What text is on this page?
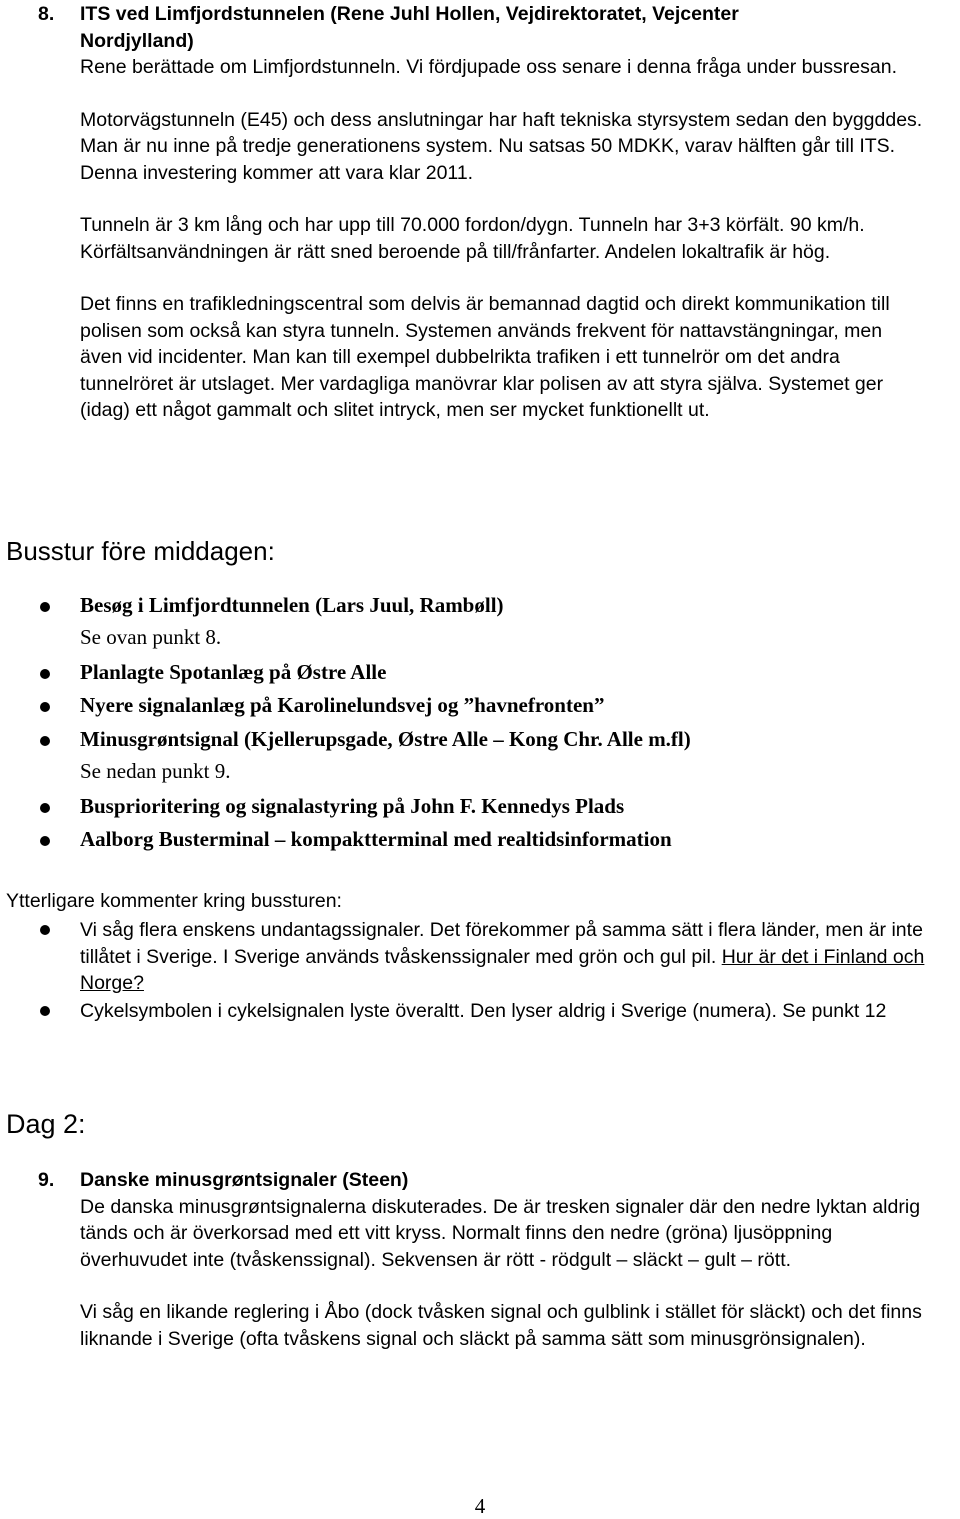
8.	ITS ved Limfjordstunnelen (Rene Juhl Hollen, Vejdirektoratet, Vejcenter
Nordjylland)

Rene berättade om Limfjordstunneln. Vi fördjupade oss senare i denna fråga under bussresan.

Motorvägstunneln (E45) och dess anslutningar har haft tekniska styrsystem sedan den byggddes. Man är nu inne på tredje generationens system. Nu satsas 50 MDKK, varav hälften går till ITS. Denna investering kommer att vara klar 2011.

Tunneln är 3 km lång och har upp till 70.000 fordon/dygn. Tunneln har 3+3 körfält. 90 km/h. Körfältsanvändningen är rätt sned beroende på till/frånfarter. Andelen lokaltrafik är hög.

Det finns en trafikledningscentral som delvis är bemannad dagtid och direkt kommunikation till polisen som också kan styra tunneln. Systemen används frekvent för nattavstängningar, men även vid incidenter. Man kan till exempel dubbelrikta trafiken i ett tunnelrör om det andra tunnelröret är utslaget. Mer vardagliga manövrar klar polisen av att styra själva. Systemet ger (idag) ett något gammalt och slitet intryck, men ser mycket funktionellt ut.

Busstur före middagen:
Besøg i Limfjordtunnelen (Lars Juul, Rambøll)
Se ovan punkt 8.
Planlagte Spotanlæg på Østre Alle
Nyere signalanlæg på Karolinelundsvej og ”havnefronten”
Minusgrøntsignal (Kjellerupsgade, Østre Alle – Kong Chr. Alle m.fl)
Se nedan punkt 9.
Busprioritering og signalastyring på John F. Kennedys Plads
Aalborg Busterminal – kompaktterminal med realtidsinformation
Ytterligare kommenter kring bussturen:
Vi såg flera enskens undantagssignaler. Det förekommer på samma sätt i flera länder, men är inte tillåtet i Sverige. I Sverige används tvåskenssignaler med grön och gul pil. Hur är det i Finland och Norge?
Cykelsymbolen i cykelsignalen lyste överaltt. Den lyser aldrig i Sverige (numera). Se punkt 12
Dag 2:
9.	Danske minusgrøntsignaler (Steen)

De danska minusgrøntsignalerna diskuterades. De är tresken signaler där den nedre lyktan aldrig tänds och är överkorsad med ett vitt kryss. Normalt finns den nedre (gröna) ljusöppning överhuvudet inte (tvåskenssignal). Sekvensen är rött - rödgult – släckt – gult – rött.

Vi såg en likande reglering i Åbo (dock tvåsken signal och gulblink i stället för släckt) och det finns liknande i Sverige (ofta tvåskens signal och släckt på samma sätt som minusgrönsignalen).

4
